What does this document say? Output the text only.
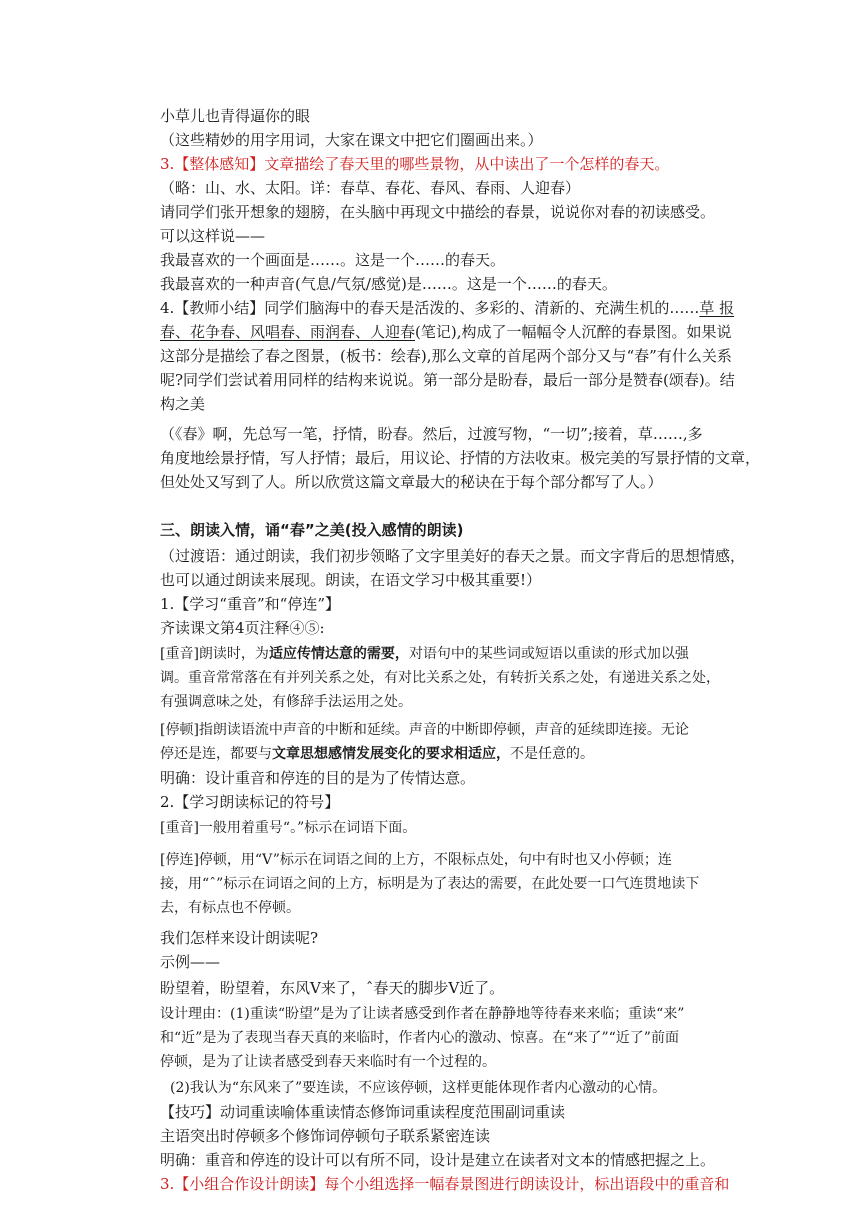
小草儿也青得逼你的眼
（这些精妙的用字用词，大家在课文中把它们圈画出来。）
3.【整体感知】文章描绘了春天里的哪些景物，从中读出了一个怎样的春天。
（略：山、水、太阳。详：春草、春花、春风、春雨、人迎春）
请同学们张开想象的翅膀，在头脑中再现文中描绘的春景，说说你对春的初读感受。
可以这样说——
我最喜欢的一个画面是……。这是一个……的春天。
我最喜欢的一种声音(气息/气氛/感觉)是……。这是一个……的春天。
4.【教师小结】同学们脑海中的春天是活泼的、多彩的、清新的、充满生机的……草 报
春、花争春、风唱春、雨润春、人迎春(笔记),构成了一幅幅令人沉醉的春景图。如果说
这部分是描绘了春之图景，(板书：绘春),那么文章的首尾两个部分又与“春”有什么关系
呢?同学们尝试着用同样的结构来说说。第一部分是盼春，最后一部分是赞春(颂春)。结
构之美
（《春》啊，先总写一笔，抒情，盼春。然后，过渡写物，“一切”;接着，草……,多
角度地绘景抒情，写人抒情；最后，用议论、抒情的方法收束。极完美的写景抒情的文章，
但处处又写到了人。所以欣赏这篇文章最大的秘诀在于每个部分都写了人。）
三、朗读入情，诵“春”之美(投入感情的朗读)
（过渡语：通过朗读，我们初步领略了文字里美好的春天之景。而文字背后的思想情感，
也可以通过朗读来展现。朗读，在语文学习中极其重要!）
1.【学习“重音”和“停连”】
齐读课文第4页注释④⑤:
[重音]朗读时，为适应传情达意的需要，对语句中的某些词或短语以重读的形式加以强
调。重音常常落在有并列关系之处，有对比关系之处，有转折关系之处，有递进关系之处，
有强调意味之处，有修辞手法运用之处。
[停顿]指朗读语流中声音的中断和延续。声音的中断即停顿，声音的延续即连接。无论
停还是连，都要与文章思想感情发展变化的要求相适应，不是任意的。
明确：设计重音和停连的目的是为了传情达意。
2.【学习朗读标记的符号】
[重音]一般用着重号“。”标示在词语下面。
[停连]停顿，用“V”标示在词语之间的上方，不限标点处，句中有时也又小停顿；连
接，用“ˆ”标示在词语之间的上方，标明是为了表达的需要，在此处要一口气连贯地读下
去，有标点也不停顿。
我们怎样来设计朗读呢?
示例——
盼望着，盼望着，东风V来了，ˆ春天的脚步V近了。
设计理由：(1)重读“盼望”是为了让读者感受到作者在静静地等待春来来临；重读“来”
和“近”是为了表现当春天真的来临时，作者内心的激动、惊喜。在“来了”“近了”前面
停顿，是为了让读者感受到春天来临时有一个过程的。
(2)我认为“东风来了”要连读，不应该停顿，这样更能体现作者内心激动的心情。
【技巧】动词重读喻体重读情态修饰词重读程度范围副词重读
主语突出时停顿多个修饰词停顿句子联系紧密连读
明确：重音和停连的设计可以有所不同，设计是建立在读者对文本的情感把握之上。
3.【小组合作设计朗读】每个小组选择一幅春景图进行朗读设计，标出语段中的重音和
